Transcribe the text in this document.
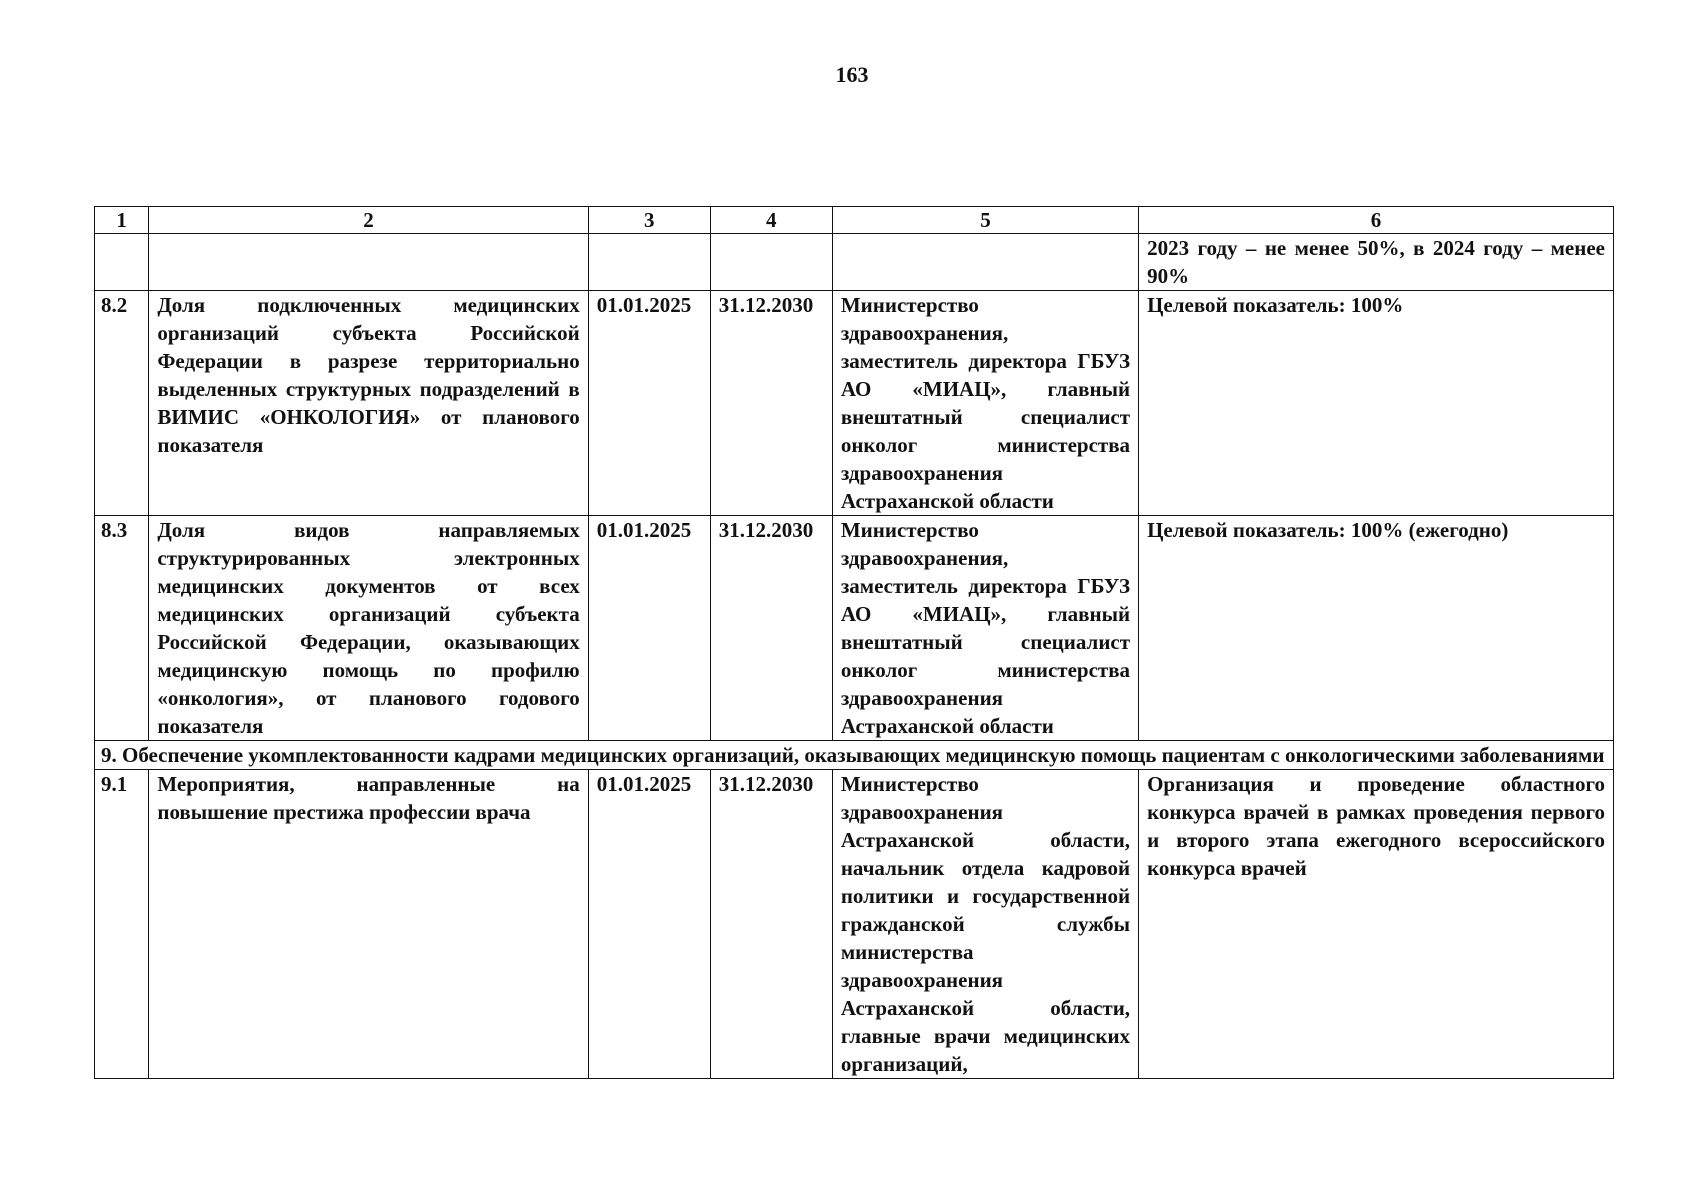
163
1	2	3	4	5	6
					2023 году – не менее 50%, в 2024 году – менее 90%
8.2	Доля подключенных медицинских организаций субъекта Российской Федерации в разрезе территориально выделенных структурных подразделений в ВИМИС «ОНКОЛОГИЯ» от планового показателя	01.01.2025	31.12.2030	Министерство здравоохранения, заместитель директора ГБУЗ АО «МИАЦ», главный внештатный специалист онколог министерства здравоохранения Астраханской области	Целевой показатель: 100%
8.3	Доля видов направляемых структурированных электронных медицинских документов от всех медицинских организаций субъекта Российской Федерации, оказывающих медицинскую помощь по профилю «онкология», от планового годового показателя	01.01.2025	31.12.2030	Министерство здравоохранения, заместитель директора ГБУЗ АО «МИАЦ», главный внештатный специалист онколог министерства здравоохранения Астраханской области	Целевой показатель: 100% (ежегодно)
9. Обеспечение укомплектованности кадрами медицинских организаций, оказывающих медицинскую помощь пациентам с онкологическими заболеваниями					
9.1	Мероприятия, направленные на повышение престижа профессии врача	01.01.2025	31.12.2030	Министерство здравоохранения Астраханской области, начальник отдела кадровой политики и государственной гражданской службы министерства здравоохранения Астраханской области, главные врачи медицинских организаций,	Организация и проведение областного конкурса врачей в рамках проведения первого и второго этапа ежегодного всероссийского конкурса врачей
